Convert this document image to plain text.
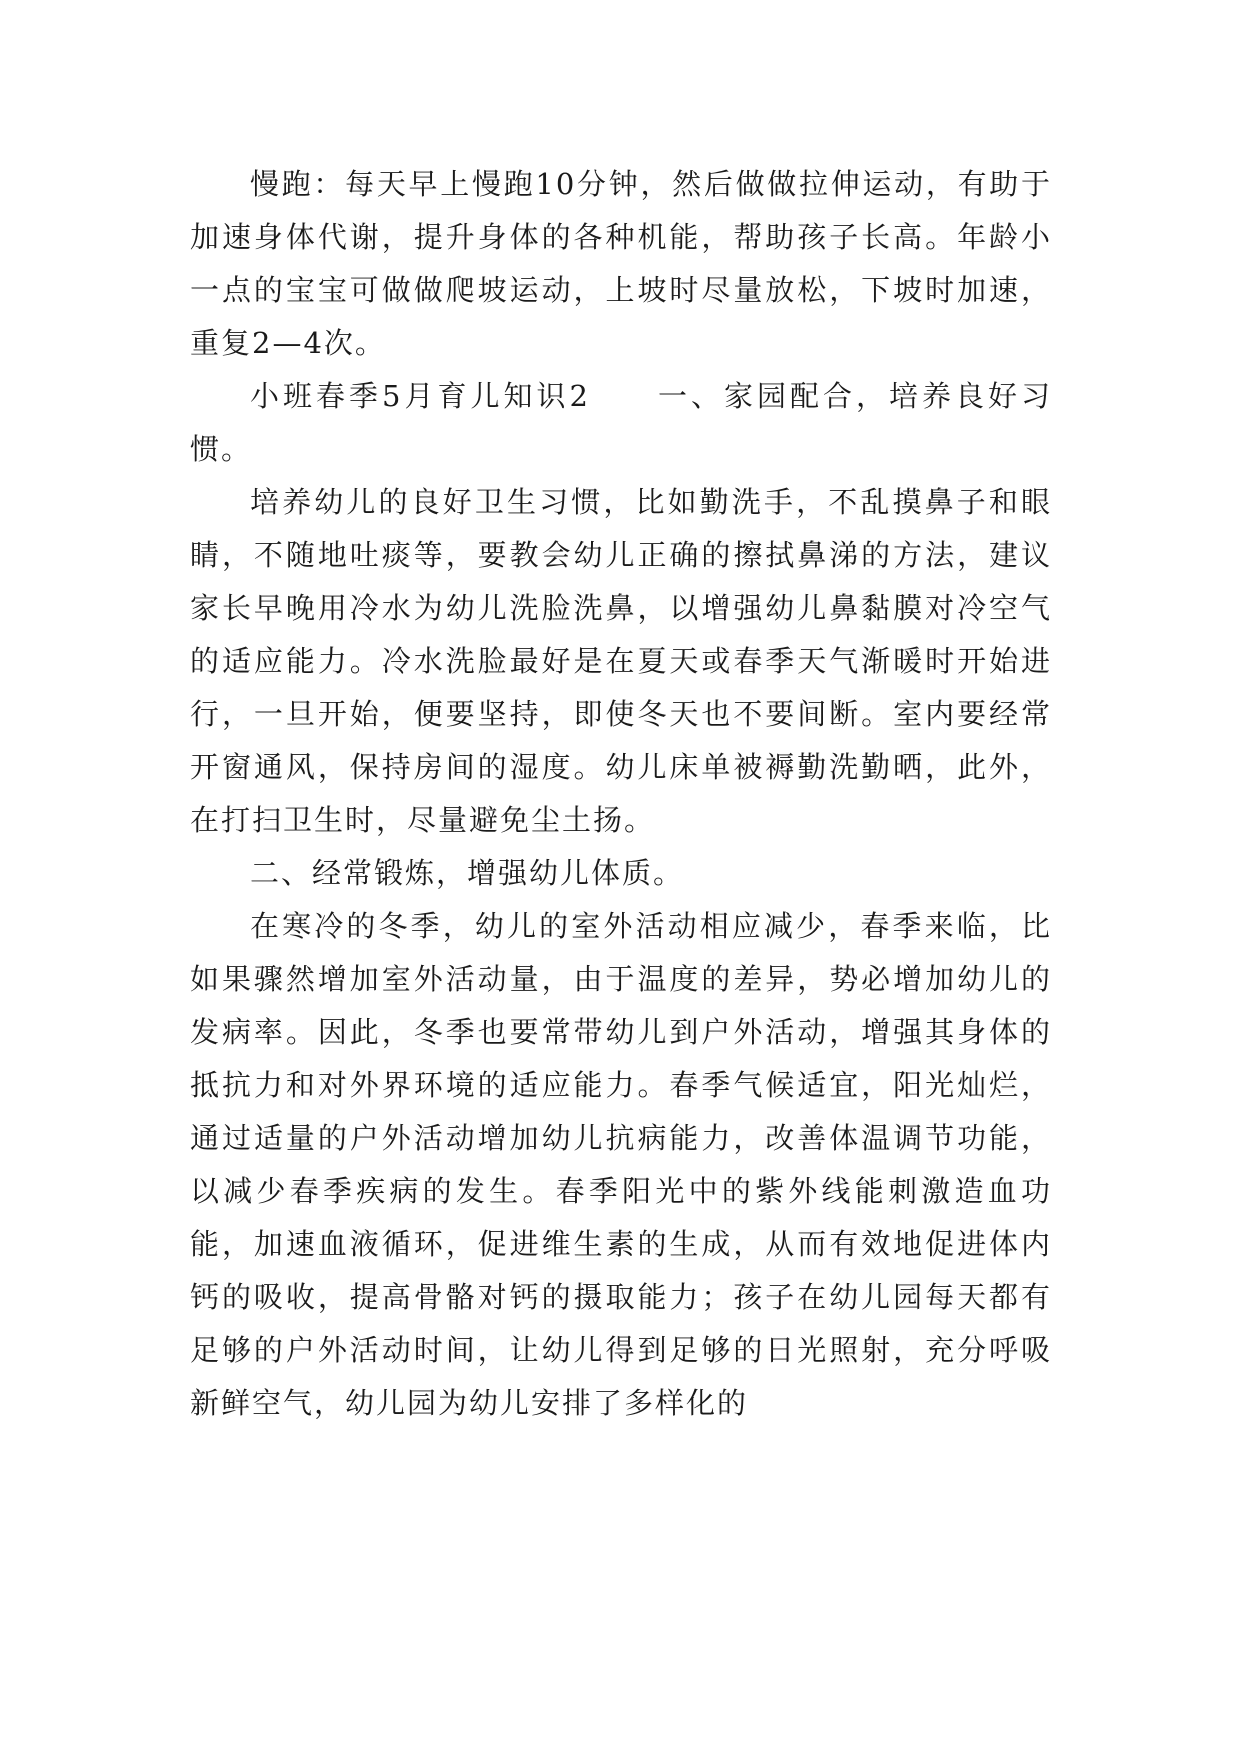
慢跑：每天早上慢跑10分钟，然后做做拉伸运动，有助于加速身体代谢，提升身体的各种机能，帮助孩子长高。年龄小一点的宝宝可做做爬坡运动，上坡时尽量放松，下坡时加速，重复2—4次。

小班春季5月育儿知识2　　一、家园配合，培养良好习惯。

培养幼儿的良好卫生习惯，比如勤洗手，不乱摸鼻子和眼睛，不随地吐痰等，要教会幼儿正确的擦拭鼻涕的方法，建议家长早晚用冷水为幼儿洗脸洗鼻，以增强幼儿鼻黏膜对冷空气的适应能力。冷水洗脸最好是在夏天或春季天气渐暖时开始进行，一旦开始，便要坚持，即使冬天也不要间断。室内要经常开窗通风，保持房间的湿度。幼儿床单被褥勤洗勤晒，此外，在打扫卫生时，尽量避免尘土扬。

二、经常锻炼，增强幼儿体质。

在寒冷的冬季，幼儿的室外活动相应减少，春季来临，比如果骤然增加室外活动量，由于温度的差异，势必增加幼儿的发病率。因此，冬季也要常带幼儿到户外活动，增强其身体的抵抗力和对外界环境的适应能力。春季气候适宜，阳光灿烂，通过适量的户外活动增加幼儿抗病能力，改善体温调节功能，以减少春季疾病的发生。春季阳光中的紫外线能刺激造血功能，加速血液循环，促进维生素的生成，从而有效地促进体内钙的吸收，提高骨骼对钙的摄取能力；孩子在幼儿园每天都有足够的户外活动时间，让幼儿得到足够的日光照射，充分呼吸新鲜空气，幼儿园为幼儿安排了多样化的
